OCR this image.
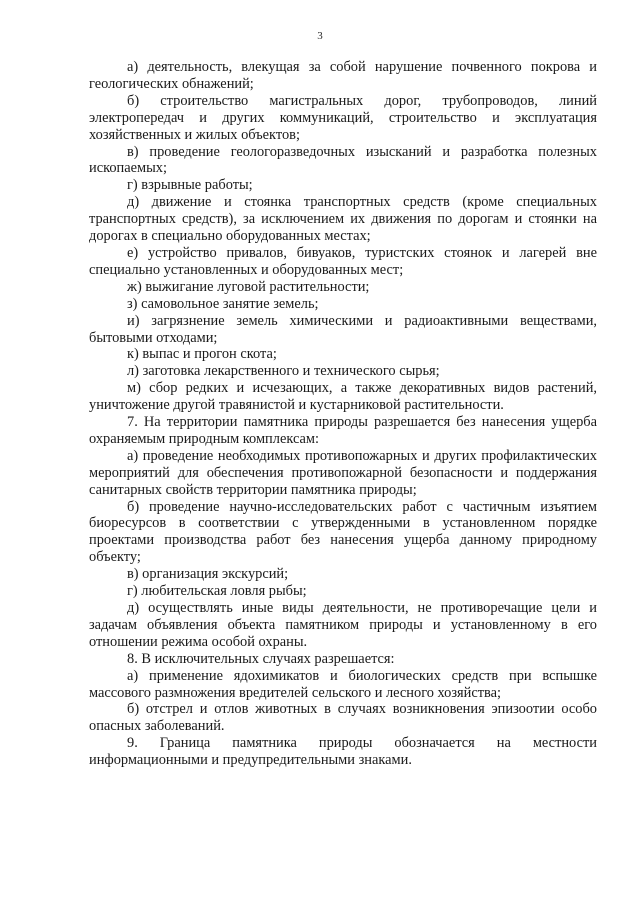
3

а) деятельность, влекущая за собой нарушение почвенного покрова и геологических обнажений;

б) строительство магистральных дорог, трубопроводов, линий электропередач и других коммуникаций, строительство и эксплуатация хозяйственных и жилых объектов;

в) проведение геологоразведочных изысканий и разработка полезных ископаемых;

г) взрывные работы;

д) движение и стоянка транспортных средств (кроме специальных транспортных средств), за исключением их движения по дорогам и стоянки на дорогах в специально оборудованных местах;

е) устройство привалов, бивуаков, туристских стоянок и лагерей вне специально установленных и оборудованных мест;

ж) выжигание луговой растительности;

з) самовольное занятие земель;

и) загрязнение земель химическими и радиоактивными веществами, бытовыми отходами;

к) выпас и прогон скота;

л) заготовка лекарственного и технического сырья;

м) сбор редких и исчезающих, а также декоративных видов растений, уничтожение другой травянистой и кустарниковой растительности.

7. На территории памятника природы разрешается без нанесения ущерба охраняемым природным комплексам:

а) проведение необходимых противопожарных и других профилактических мероприятий для обеспечения противопожарной безопасности и поддержания санитарных свойств территории памятника природы;

б) проведение научно-исследовательских работ с частичным изъятием биоресурсов в соответствии с утвержденными в установленном порядке проектами производства работ без нанесения ущерба данному природному объекту;

в) организация экскурсий;

г) любительская ловля рыбы;

д) осуществлять иные виды деятельности, не противоречащие цели и задачам объявления объекта памятником природы и установленному в его отношении режима особой охраны.

8. В исключительных случаях разрешается:

а) применение ядохимикатов и биологических средств при вспышке массового размножения вредителей сельского и лесного хозяйства;

б) отстрел и отлов животных в случаях возникновения эпизоотии особо опасных заболеваний.

9. Граница памятника природы обозначается на местности информационными и предупредительными знаками.
